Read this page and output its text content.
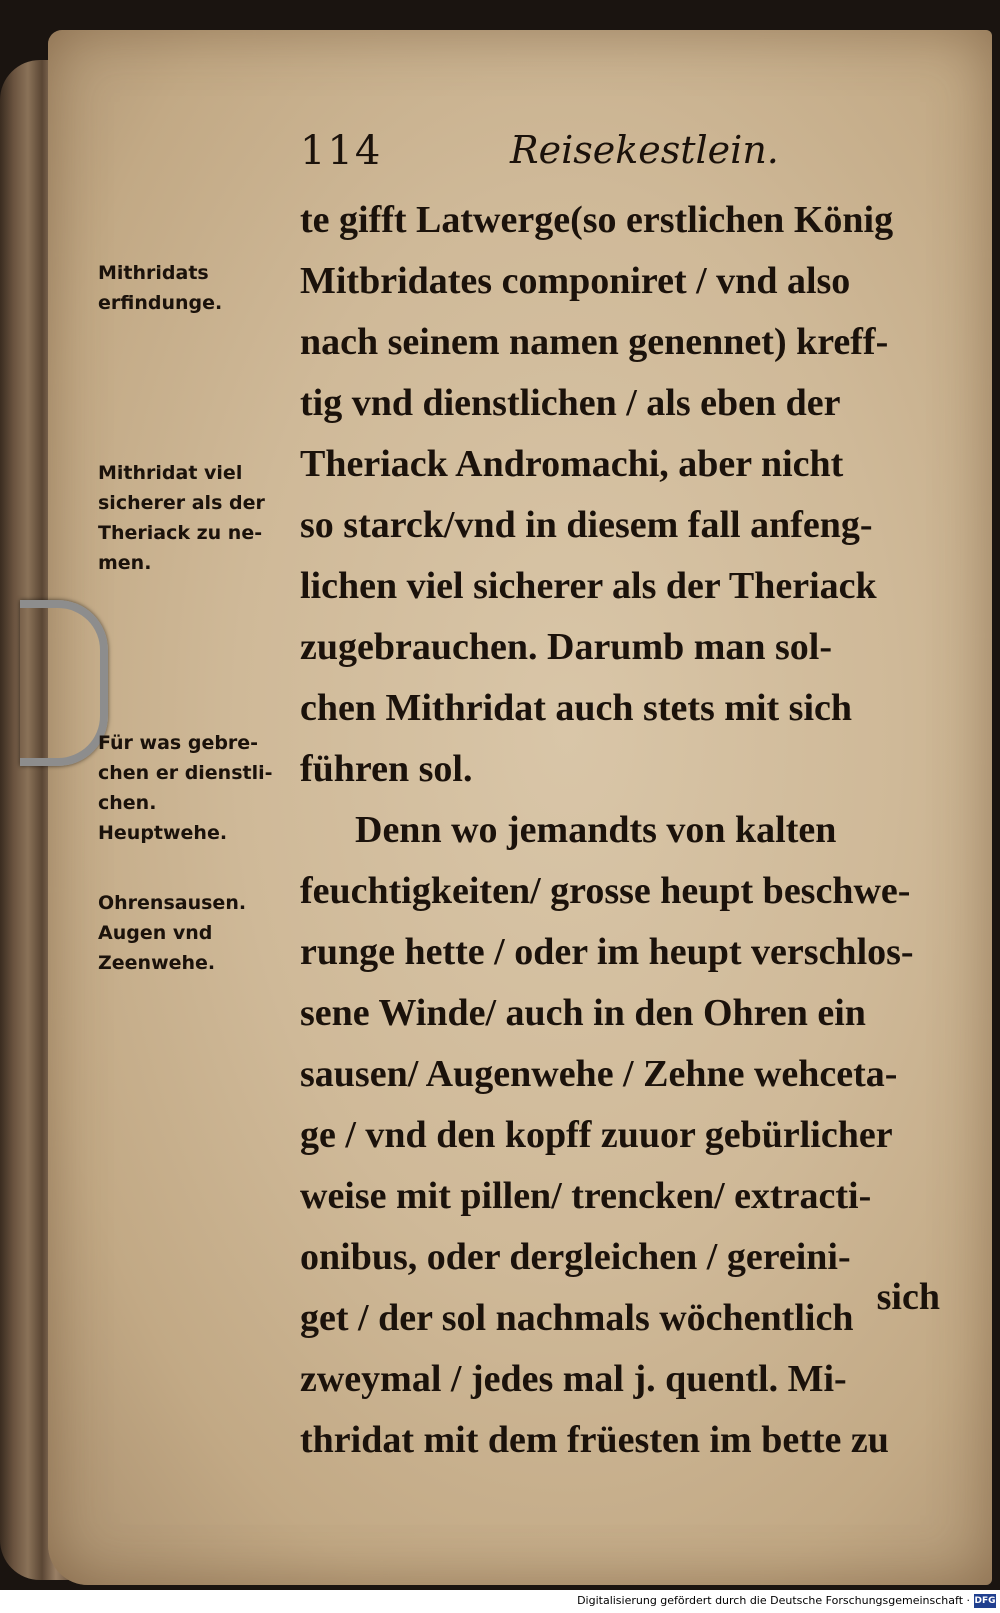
114	Reisekestlein.
Mithridats
erfindunge.
Mithridat viel
sicherer als der
Theriack zu ne-
men.
Für was gebre-
chen er dienstli-
chen.
Heuptwehe.
Ohrensausen.
Augen vnd
Zeenwehe.
te gifft Latwerge(so erstlichen König
Mitbridates componiret / vnd also
nach seinem namen genennet) kreff-
tig vnd dienstlichen / als eben der
Theriack Andromachi, aber nicht
so starck/vnd in diesem fall anfeng-
lichen viel sicherer als der Theriack
zugebrauchen. Darumb man sol-
chen Mithridat auch stets mit sich
führen sol.
Denn wo jemandts von kalten
feuchtigkeiten/ grosse heupt beschwe-
runge hette / oder im heupt verschlos-
sene Winde/ auch in den Ohren ein
sausen/ Augenwehe / Zehne wehceta-
ge / vnd den kopff zuuor gebürlicher
weise mit pillen/ trencken/ extracti-
onibus, oder dergleichen / gereini-
get / der sol nachmals wöchentlich
zweymal / jedes mal j. quentl. Mi-
thridat mit dem früesten im bette zu
sich
Digitalisierung gefördert durch die Deutsche Forschungsgemeinschaft · DFG
